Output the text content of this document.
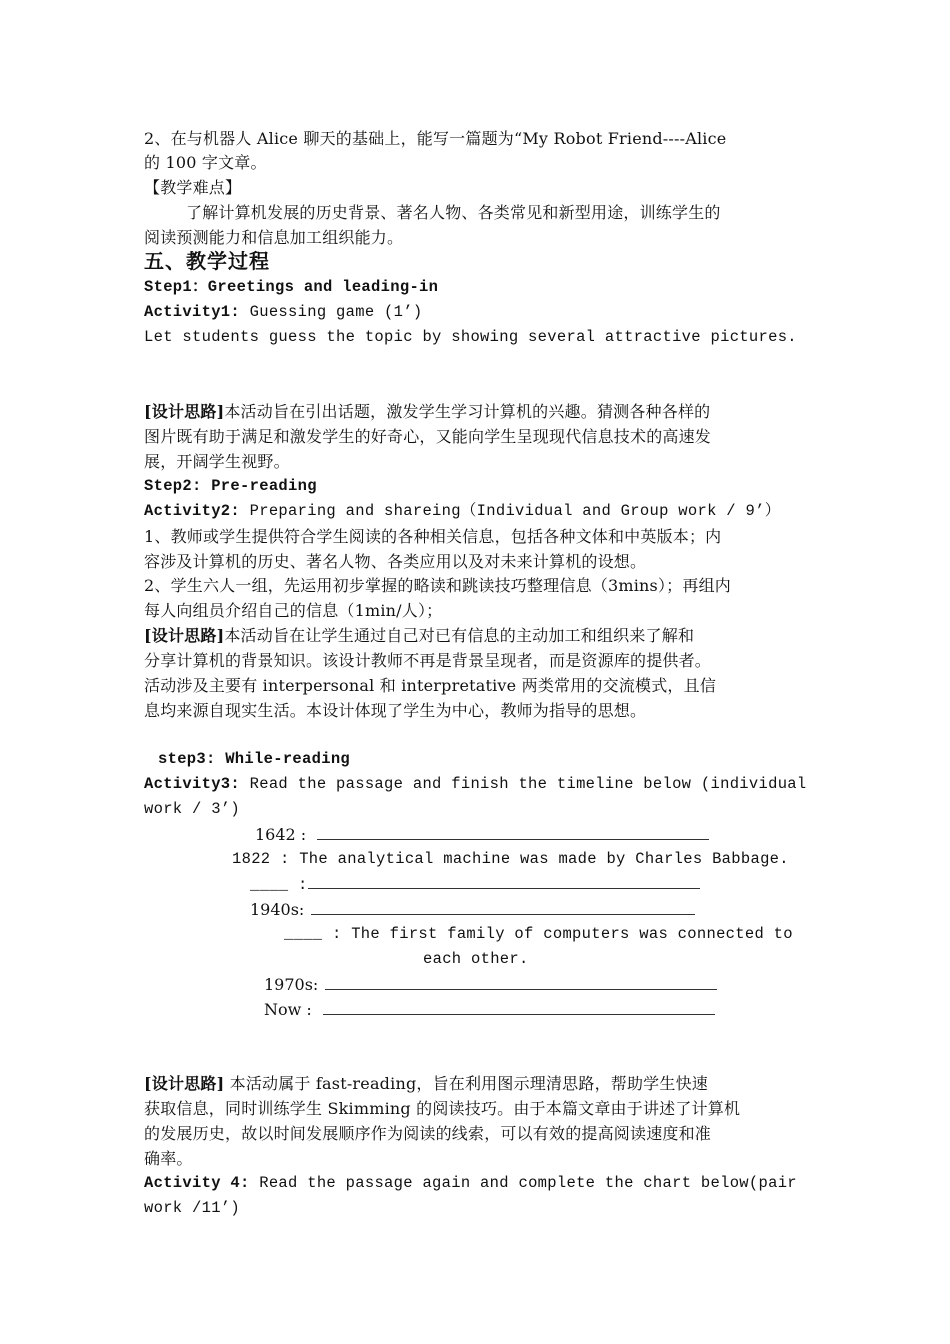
2、在与机器人 Alice 聊天的基础上，能写一篇题为“My Robot Friend----Alice
的 100 字文章。
【教学难点】
了解计算机发展的历史背景、著名人物、各类常见和新型用途，训练学生的
阅读预测能力和信息加工组织能力。
五、教学过程
Step1：Greetings and leading-in
Activity1: Guessing game (1’)
Let students guess the topic by showing several attractive pictures.
[设计思路]本活动旨在引出话题，激发学生学习计算机的兴趣。猜测各种各样的
图片既有助于满足和激发学生的好奇心，又能向学生呈现现代信息技术的高速发
展，开阔学生视野。
Step2: Pre-reading
Activity2: Preparing and shareing（Individual and Group work / 9’）
1、教师或学生提供符合学生阅读的各种相关信息，包括各种文体和中英版本；内
容涉及计算机的历史、著名人物、各类应用以及对未来计算机的设想。
2、学生六人一组，先运用初步掌握的略读和跳读技巧整理信息（3mins）；再组内
每人向组员介绍自己的信息（1min/人）；
[设计思路]本活动旨在让学生通过自己对已有信息的主动加工和组织来了解和
分享计算机的背景知识。该设计教师不再是背景呈现者，而是资源库的提供者。
活动涉及主要有 interpersonal 和 interpretative 两类常用的交流模式，且信
息均来源自现实生活。本设计体现了学生为中心，教师为指导的思想。
step3: While-reading
Activity3: Read the passage and finish the timeline below (individual
work / 3’)
1642 :
1822 : The analytical machine was made by Charles Babbage.
____ :
1940s:
____ : The first family of computers was connected to
each other.
1970s:
Now :
[设计思路] 本活动属于 fast-reading，旨在利用图示理清思路，帮助学生快速
获取信息，同时训练学生 Skimming 的阅读技巧。由于本篇文章由于讲述了计算机
的发展历史，故以时间发展顺序作为阅读的线索，可以有效的提高阅读速度和准
确率。
Activity 4: Read the passage again and complete the chart below(pair
work /11’)
